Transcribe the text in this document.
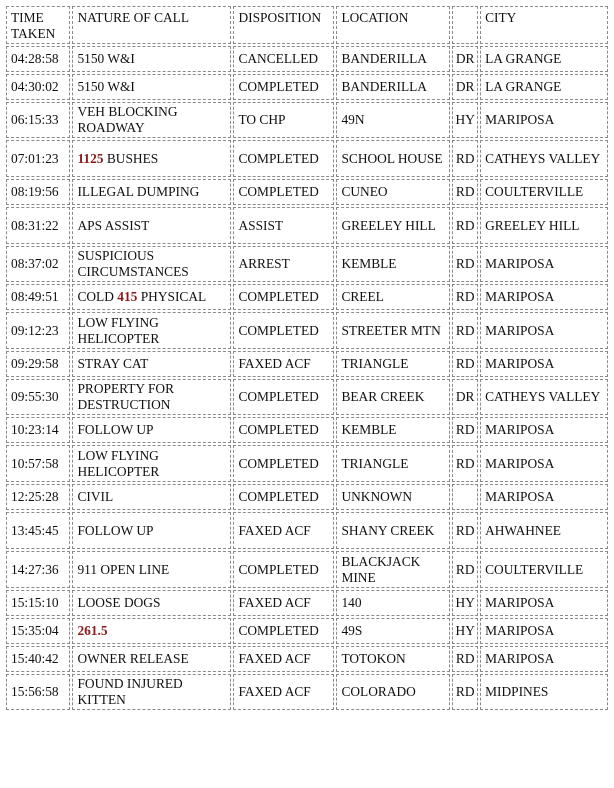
TIME TAKEN	NATURE OF CALL	DISPOSITION	LOCATION		CITY
04:28:58	5150 W&I	CANCELLED	BANDERILLA	DR	LA GRANGE
04:30:02	5150 W&I	COMPLETED	BANDERILLA	DR	LA GRANGE
06:15:33	VEH BLOCKING ROADWAY	TO CHP	49N	HY	MARIPOSA
07:01:23	1125 BUSHES	COMPLETED	SCHOOL HOUSE	RD	CATHEYS VALLEY
08:19:56	ILLEGAL DUMPING	COMPLETED	CUNEO	RD	COULTERVILLE
08:31:22	APS ASSIST	ASSIST	GREELEY HILL	RD	GREELEY HILL
08:37:02	SUSPICIOUS CIRCUMSTANCES	ARREST	KEMBLE	RD	MARIPOSA
08:49:51	COLD 415 PHYSICAL	COMPLETED	CREEL	RD	MARIPOSA
09:12:23	LOW FLYING HELICOPTER	COMPLETED	STREETER MTN	RD	MARIPOSA
09:29:58	STRAY CAT	FAXED ACF	TRIANGLE	RD	MARIPOSA
09:55:30	PROPERTY FOR DESTRUCTION	COMPLETED	BEAR CREEK	DR	CATHEYS VALLEY
10:23:14	FOLLOW UP	COMPLETED	KEMBLE	RD	MARIPOSA
10:57:58	LOW FLYING HELICOPTER	COMPLETED	TRIANGLE	RD	MARIPOSA
12:25:28	CIVIL	COMPLETED	UNKNOWN		MARIPOSA
13:45:45	FOLLOW UP	FAXED ACF	SHANY CREEK	RD	AHWAHNEE
14:27:36	911 OPEN LINE	COMPLETED	BLACKJACK MINE	RD	COULTERVILLE
15:15:10	LOOSE DOGS	FAXED ACF	140	HY	MARIPOSA
15:35:04	261.5	COMPLETED	49S	HY	MARIPOSA
15:40:42	OWNER RELEASE	FAXED ACF	TOTOKON	RD	MARIPOSA
15:56:58	FOUND INJURED KITTEN	FAXED ACF	COLORADO	RD	MIDPINES
